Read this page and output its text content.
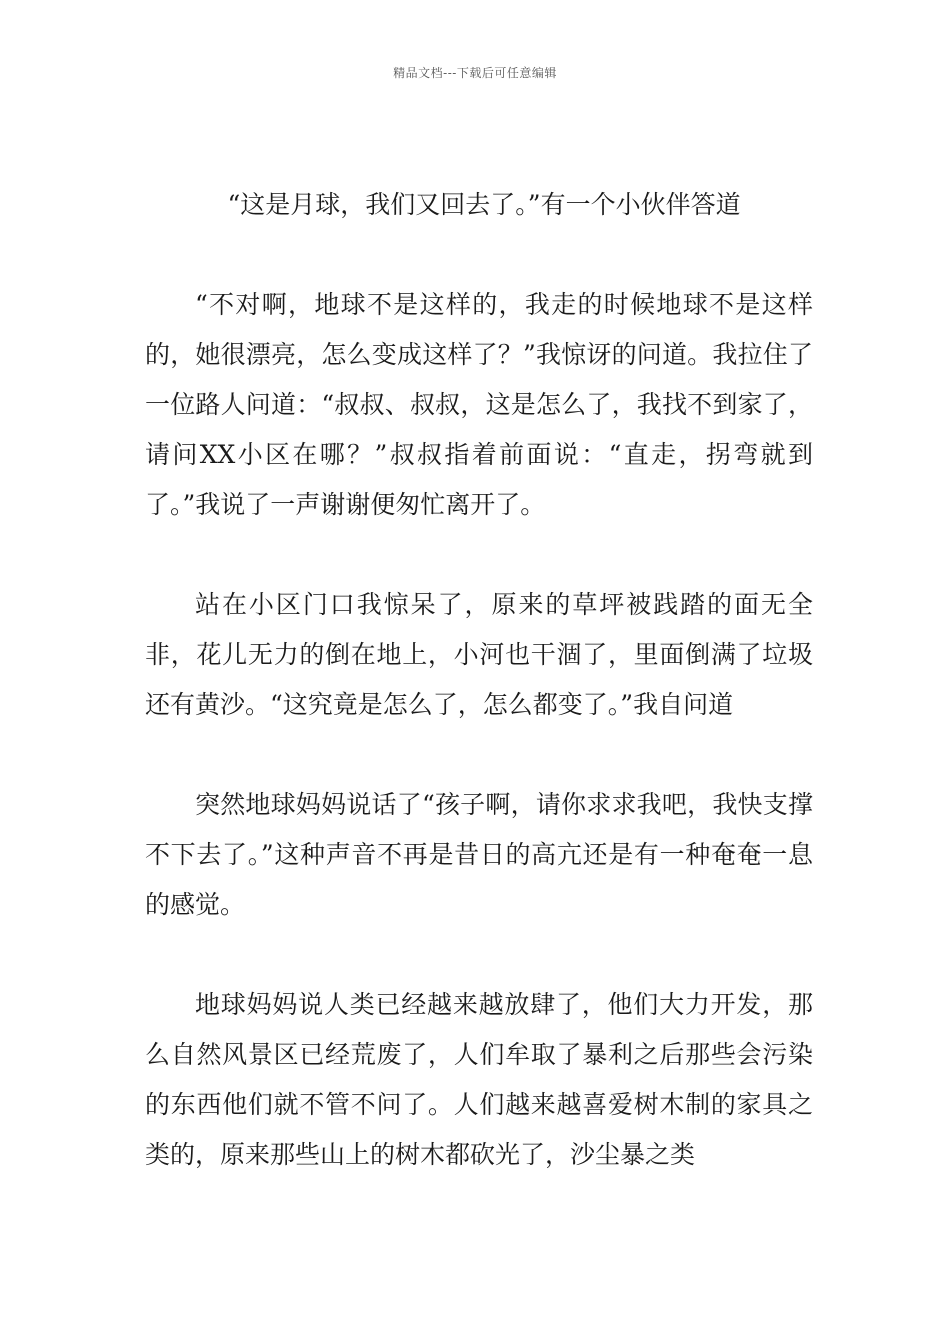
精品文档---下载后可任意编辑

“这是月球，我们又回去了。”有一个小伙伴答道

“不对啊，地球不是这样的，我走的时候地球不是这样的，她很漂亮，怎么变成这样了？”我惊讶的问道。我拉住了一位路人问道：“叔叔、叔叔，这是怎么了，我找不到家了，请问XX小区在哪？”叔叔指着前面说：“直走，拐弯就到了。”我说了一声谢谢便匆忙离开了。

站在小区门口我惊呆了，原来的草坪被践踏的面无全非，花儿无力的倒在地上，小河也干涸了，里面倒满了垃圾还有黄沙。“这究竟是怎么了，怎么都变了。”我自问道

突然地球妈妈说话了“孩子啊，请你求求我吧，我快支撑不下去了。”这种声音不再是昔日的高亢还是有一种奄奄一息的感觉。

地球妈妈说人类已经越来越放肆了，他们大力开发，那么自然风景区已经荒废了，人们牟取了暴利之后那些会污染的东西他们就不管不问了。人们越来越喜爱树木制的家具之类的，原来那些山上的树木都砍光了，沙尘暴之类
